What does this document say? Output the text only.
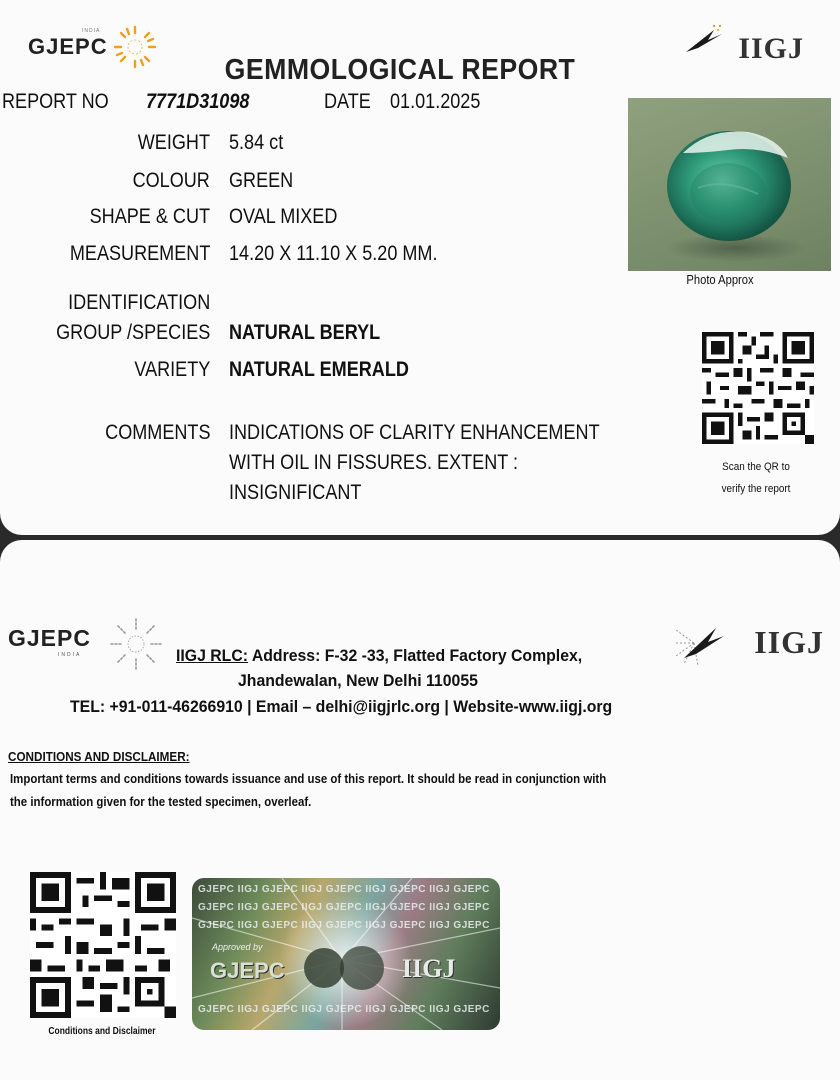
GJEPC
INDIA
IIGJ
GEMMOLOGICAL REPORT
REPORT NO 7771D31098	DATE 01.01.2025
WEIGHT 5.84 ct
COLOUR GREEN
SHAPE & CUT OVAL MIXED
MEASUREMENT 14.20 X 11.10 X 5.20 MM.
IDENTIFICATION
GROUP /SPECIES NATURAL BERYL
VARIETY NATURAL EMERALD
COMMENTS INDICATIONS OF CLARITY ENHANCEMENT
WITH OIL IN FISSURES. EXTENT :
INSIGNIFICANT
Photo Approx
Scan the QR to
verify the report
GJEPC
INDIA	IIGJ
IIGJ RLC: Address: F-32 -33, Flatted Factory Complex,
Jhandewalan, New Delhi 110055
TEL: +91-011-46266910 | Email – delhi@iigjrlc.org | Website-www.iigj.org
CONDITIONS AND DISCLAIMER:
Important terms and conditions towards issuance and use of this report. It should be read in conjunction with
the information given for the tested specimen, overleaf.
Conditions and Disclaimer
GJEPC IIGJ GJEPC IIGJ GJEPC IIGJ GJEPC IIGJ GJEPC
GJEPC IIGJ GJEPC IIGJ GJEPC IIGJ GJEPC IIGJ GJEPC
GJEPC IIGJ GJEPC IIGJ GJEPC IIGJ GJEPC IIGJ GJEPC
GJEPC IIGJ GJEPC IIGJ GJEPC IIGJ GJEPC IIGJ GJEPC
Approved by
GJEPC	IIGJ
